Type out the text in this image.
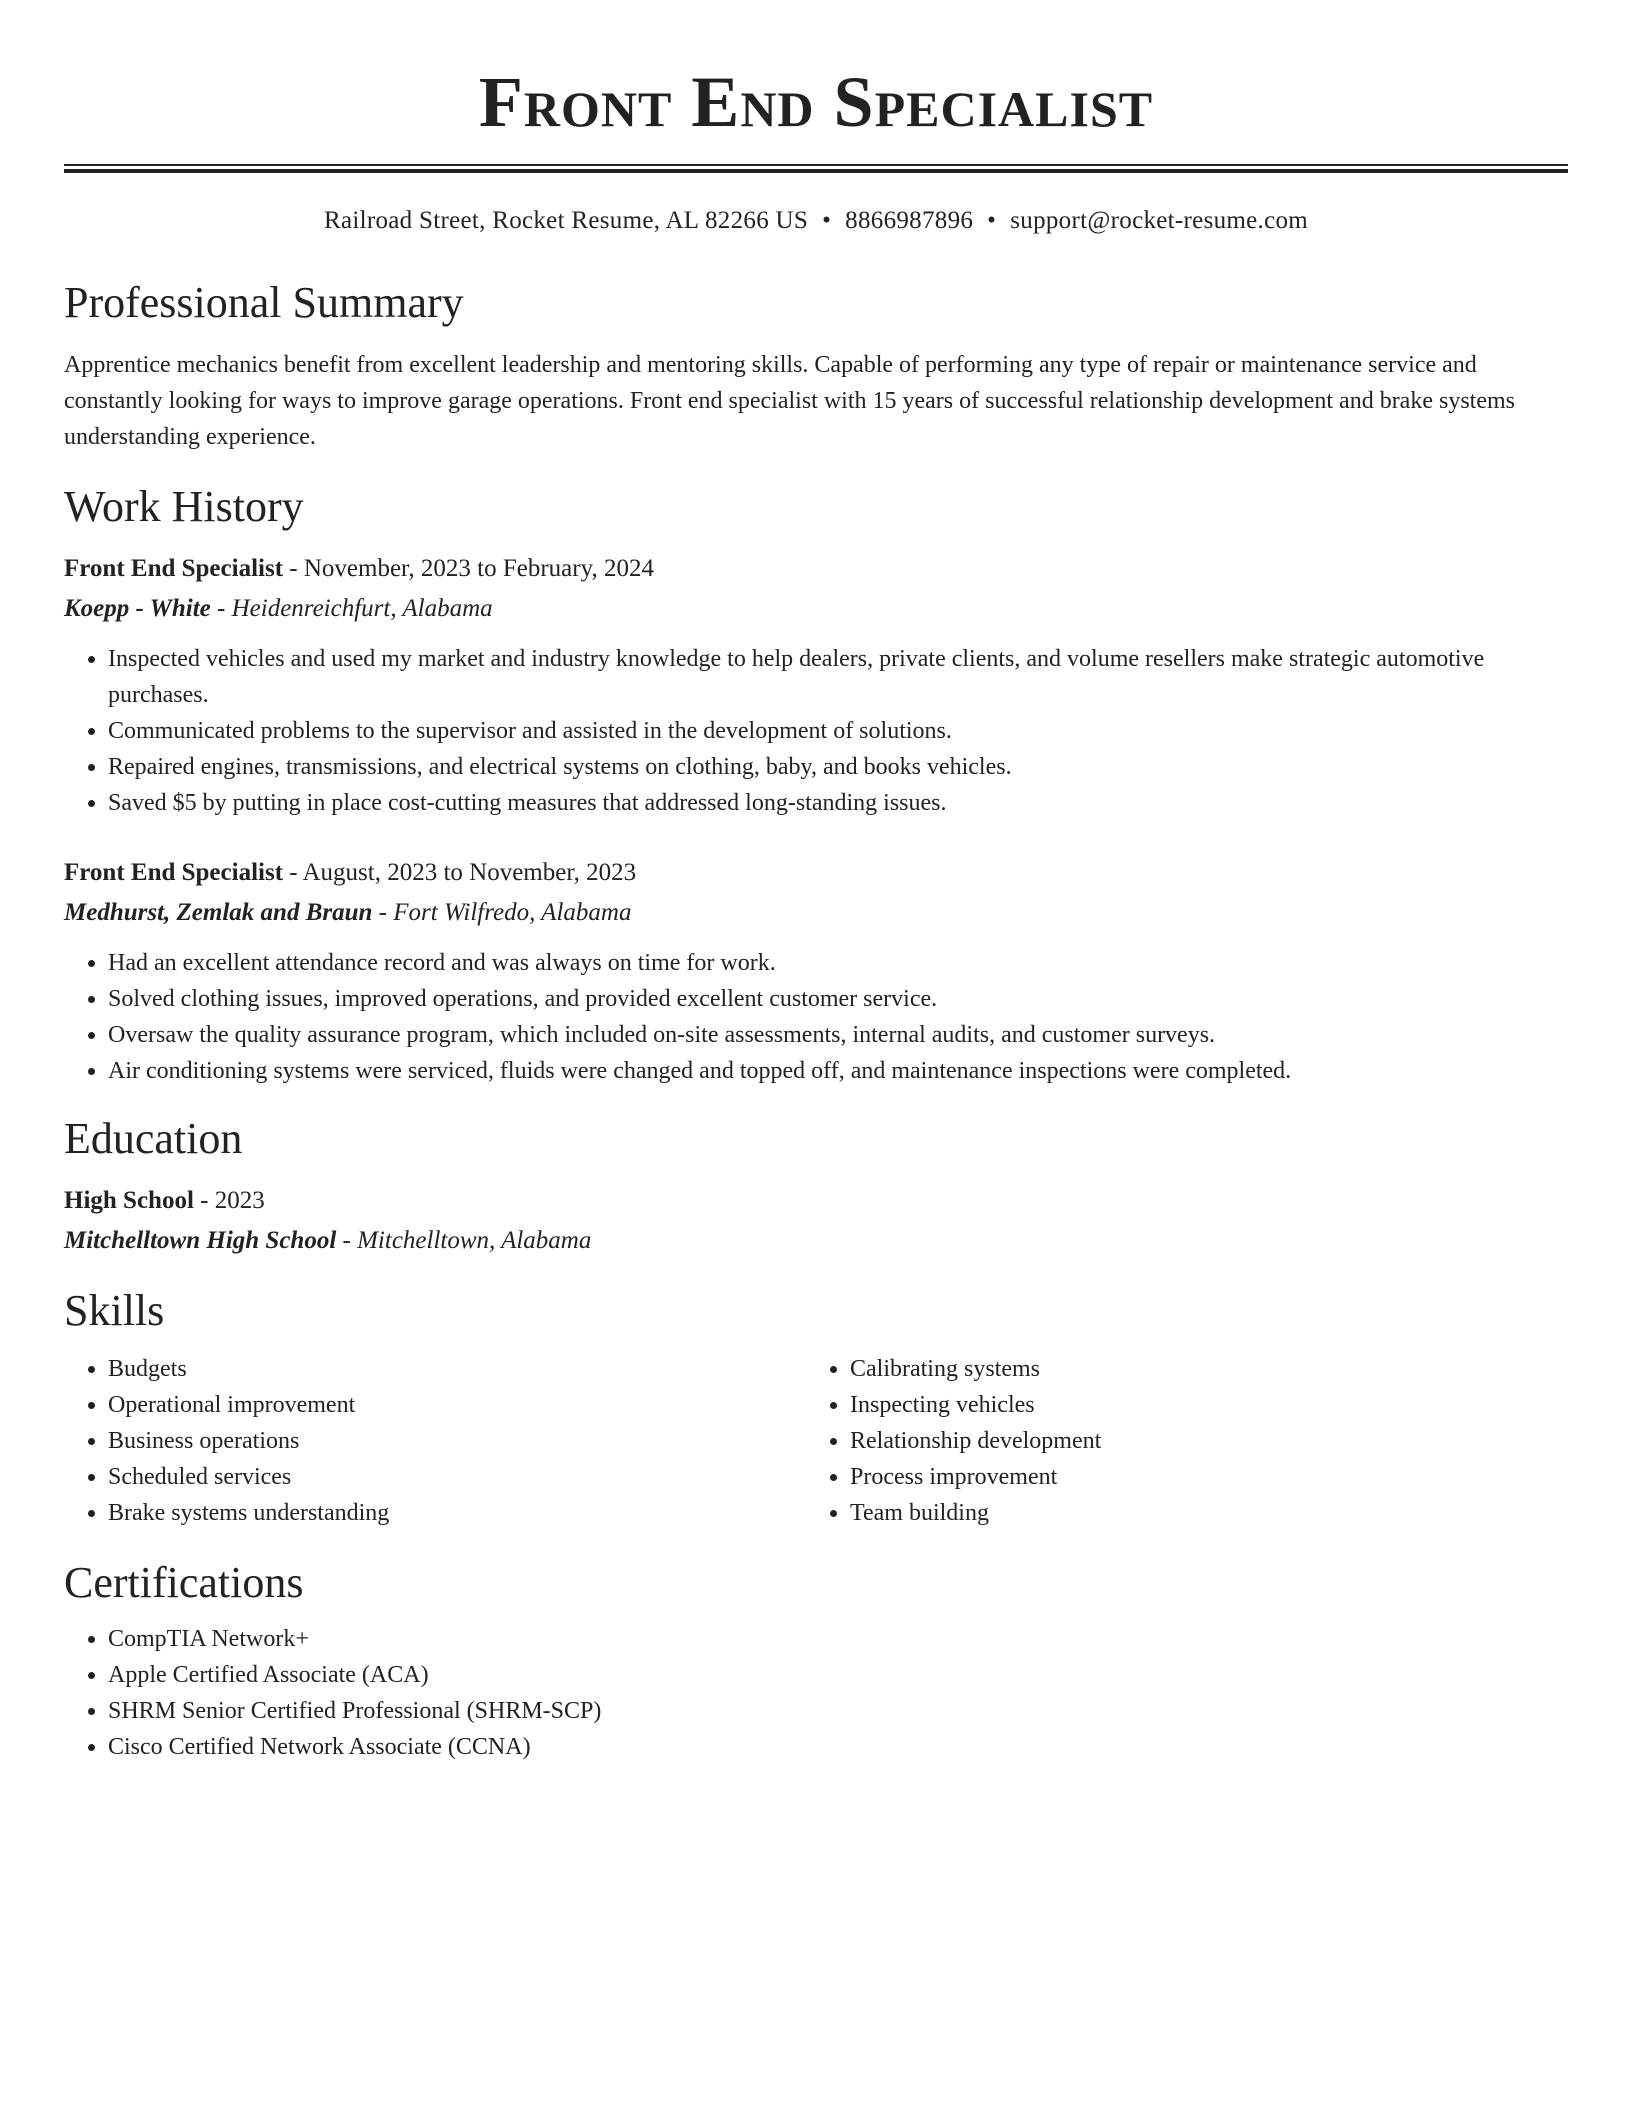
Front End Specialist
Railroad Street, Rocket Resume, AL 82266 US • 8866987896 • support@rocket-resume.com
Professional Summary

Apprentice mechanics benefit from excellent leadership and mentoring skills. Capable of performing any type of repair or maintenance service and constantly looking for ways to improve garage operations. Front end specialist with 15 years of successful relationship development and brake systems understanding experience.

Work History
Front End Specialist - November, 2023 to February, 2024
Koepp - White - Heidenreichfurt, Alabama
• Inspected vehicles and used my market and industry knowledge to help dealers, private clients, and volume resellers make strategic automotive purchases.
• Communicated problems to the supervisor and assisted in the development of solutions.
• Repaired engines, transmissions, and electrical systems on clothing, baby, and books vehicles.
• Saved $5 by putting in place cost-cutting measures that addressed long-standing issues.
Front End Specialist - August, 2023 to November, 2023
Medhurst, Zemlak and Braun - Fort Wilfredo, Alabama
• Had an excellent attendance record and was always on time for work.
• Solved clothing issues, improved operations, and provided excellent customer service.
• Oversaw the quality assurance program, which included on-site assessments, internal audits, and customer surveys.
• Air conditioning systems were serviced, fluids were changed and topped off, and maintenance inspections were completed.
Education
High School - 2023
Mitchelltown High School - Mitchelltown, Alabama
Skills
• Budgets
• Operational improvement
• Business operations
• Scheduled services
• Brake systems understanding
• Calibrating systems
• Inspecting vehicles
• Relationship development
• Process improvement
• Team building
Certifications
• CompTIA Network+
• Apple Certified Associate (ACA)
• SHRM Senior Certified Professional (SHRM-SCP)
• Cisco Certified Network Associate (CCNA)
